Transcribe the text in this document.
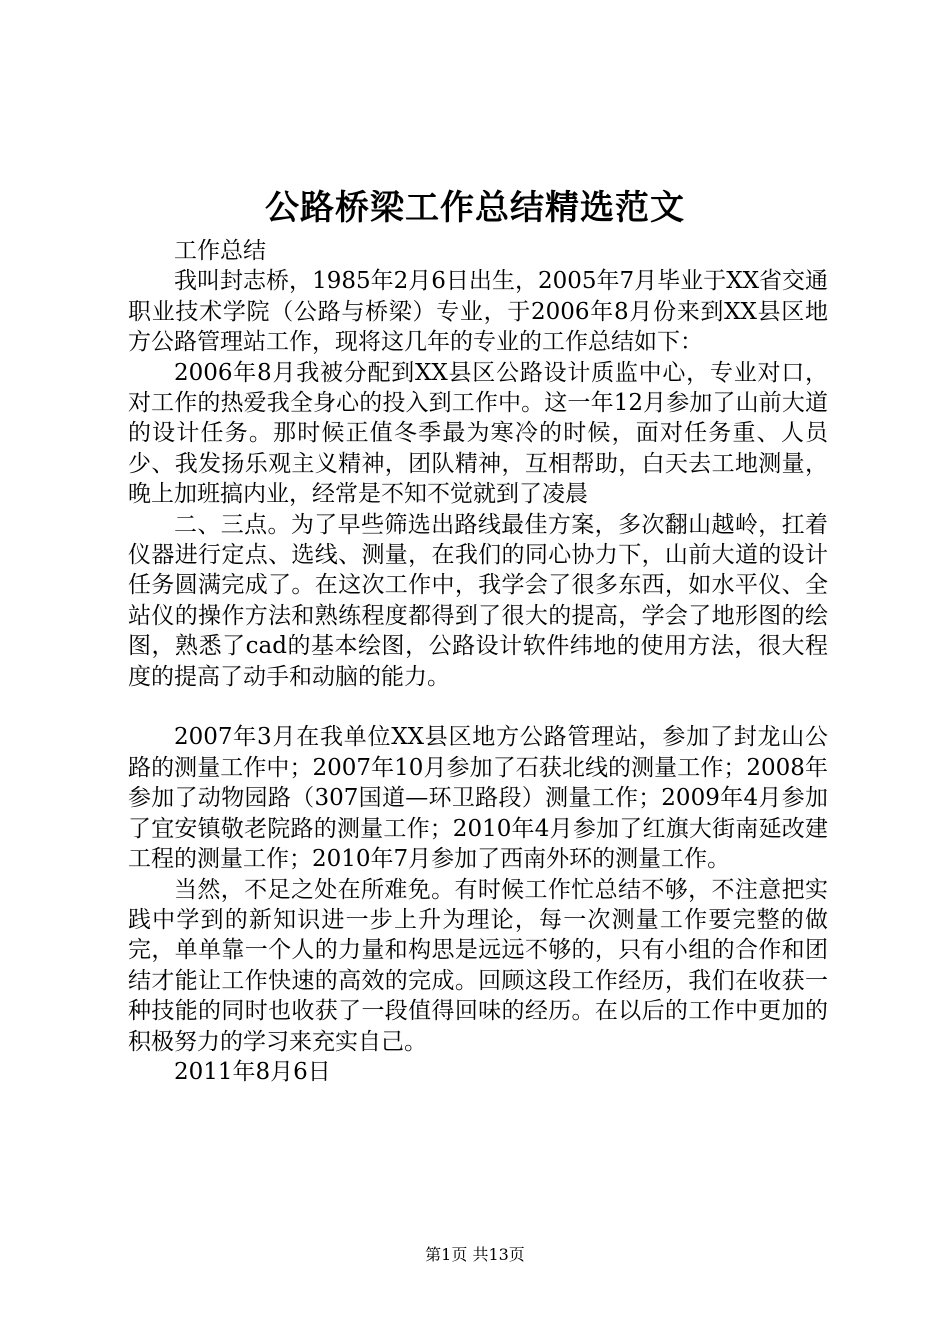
公路桥梁工作总结精选范文

工作总结

我叫封志桥，1985年2月6日出生，2005年7月毕业于XX省交通职业技术学院（公路与桥梁）专业，于2006年8月份来到XX县区地方公路管理站工作，现将这几年的专业的工作总结如下：

2006年8月我被分配到XX县区公路设计质监中心，专业对口，对工作的热爱我全身心的投入到工作中。这一年12月参加了山前大道的设计任务。那时候正值冬季最为寒冷的时候，面对任务重、人员少、我发扬乐观主义精神，团队精神，互相帮助，白天去工地测量，晚上加班搞内业，经常是不知不觉就到了凌晨

二、三点。为了早些筛选出路线最佳方案，多次翻山越岭，扛着仪器进行定点、选线、测量，在我们的同心协力下，山前大道的设计任务圆满完成了。在这次工作中，我学会了很多东西，如水平仪、全站仪的操作方法和熟练程度都得到了很大的提高，学会了地形图的绘图，熟悉了cad的基本绘图，公路设计软件纬地的使用方法，很大程度的提高了动手和动脑的能力。

2007年3月在我单位XX县区地方公路管理站，参加了封龙山公路的测量工作中；2007年10月参加了石获北线的测量工作；2008年参加了动物园路（307国道—环卫路段）测量工作；2009年4月参加了宜安镇敬老院路的测量工作；2010年4月参加了红旗大街南延改建工程的测量工作；2010年7月参加了西南外环的测量工作。

当然，不足之处在所难免。有时候工作忙总结不够，不注意把实践中学到的新知识进一步上升为理论，每一次测量工作要完整的做完，单单靠一个人的力量和构思是远远不够的，只有小组的合作和团结才能让工作快速的高效的完成。回顾这段工作经历，我们在收获一种技能的同时也收获了一段值得回味的经历。在以后的工作中更加的积极努力的学习来充实自己。

2011年8月6日

第1页 共13页
